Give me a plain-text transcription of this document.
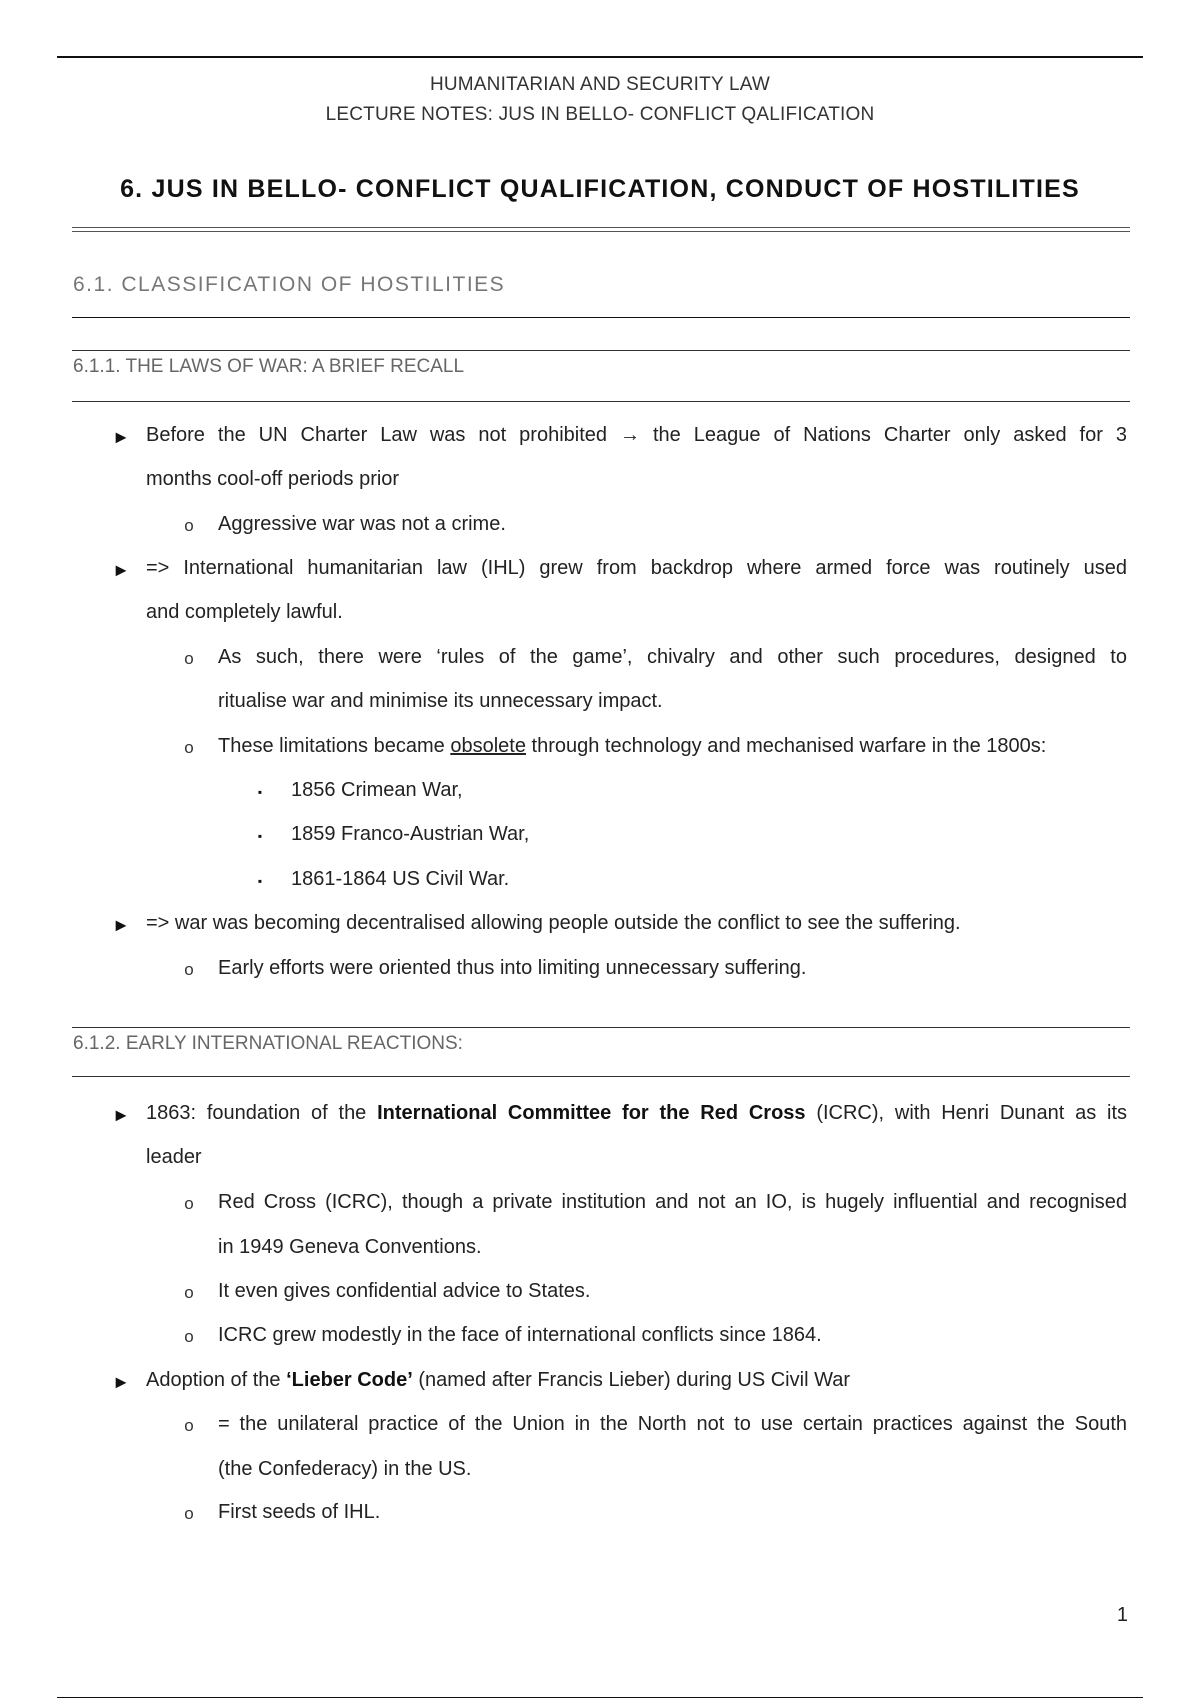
HUMANITARIAN AND SECURITY LAW
LECTURE NOTES: JUS IN BELLO- CONFLICT QALIFICATION
6. JUS IN BELLO- CONFLICT QUALIFICATION, CONDUCT OF HOSTILITIES
6.1. CLASSIFICATION OF HOSTILITIES
6.1.1. THE LAWS OF WAR: A BRIEF RECALL
6.1.2. EARLY INTERNATIONAL REACTIONS:
► Before the UN Charter Law was not prohibited → the League of Nations Charter only asked for 3
months cool-off periods prior
o	Aggressive war was not a crime.
► => International humanitarian law (IHL) grew from backdrop where armed force was routinely used
and completely lawful.
o	As such, there were ‘rules of the game’, chivalry and other such procedures, designed to
ritualise war and minimise its unnecessary impact.
o	These limitations became obsolete through technology and mechanised warfare in the 1800s:
▪	1856 Crimean War,
▪	1859 Franco-Austrian War,
▪	1861-1864 US Civil War.
► => war was becoming decentralised allowing people outside the conflict to see the suffering.
o	Early efforts were oriented thus into limiting unnecessary suffering.
► 1863: foundation of the International Committee for the Red Cross (ICRC), with Henri Dunant as its
leader
o	Red Cross (ICRC), though a private institution and not an IO, is hugely influential and recognised
in 1949 Geneva Conventions.
o	It even gives confidential advice to States.
o	ICRC grew modestly in the face of international conflicts since 1864.
► Adoption of the ‘Lieber Code’ (named after Francis Lieber) during US Civil War
o	= the unilateral practice of the Union in the North not to use certain practices against the South
(the Confederacy) in the US.
o	First seeds of IHL.
1
